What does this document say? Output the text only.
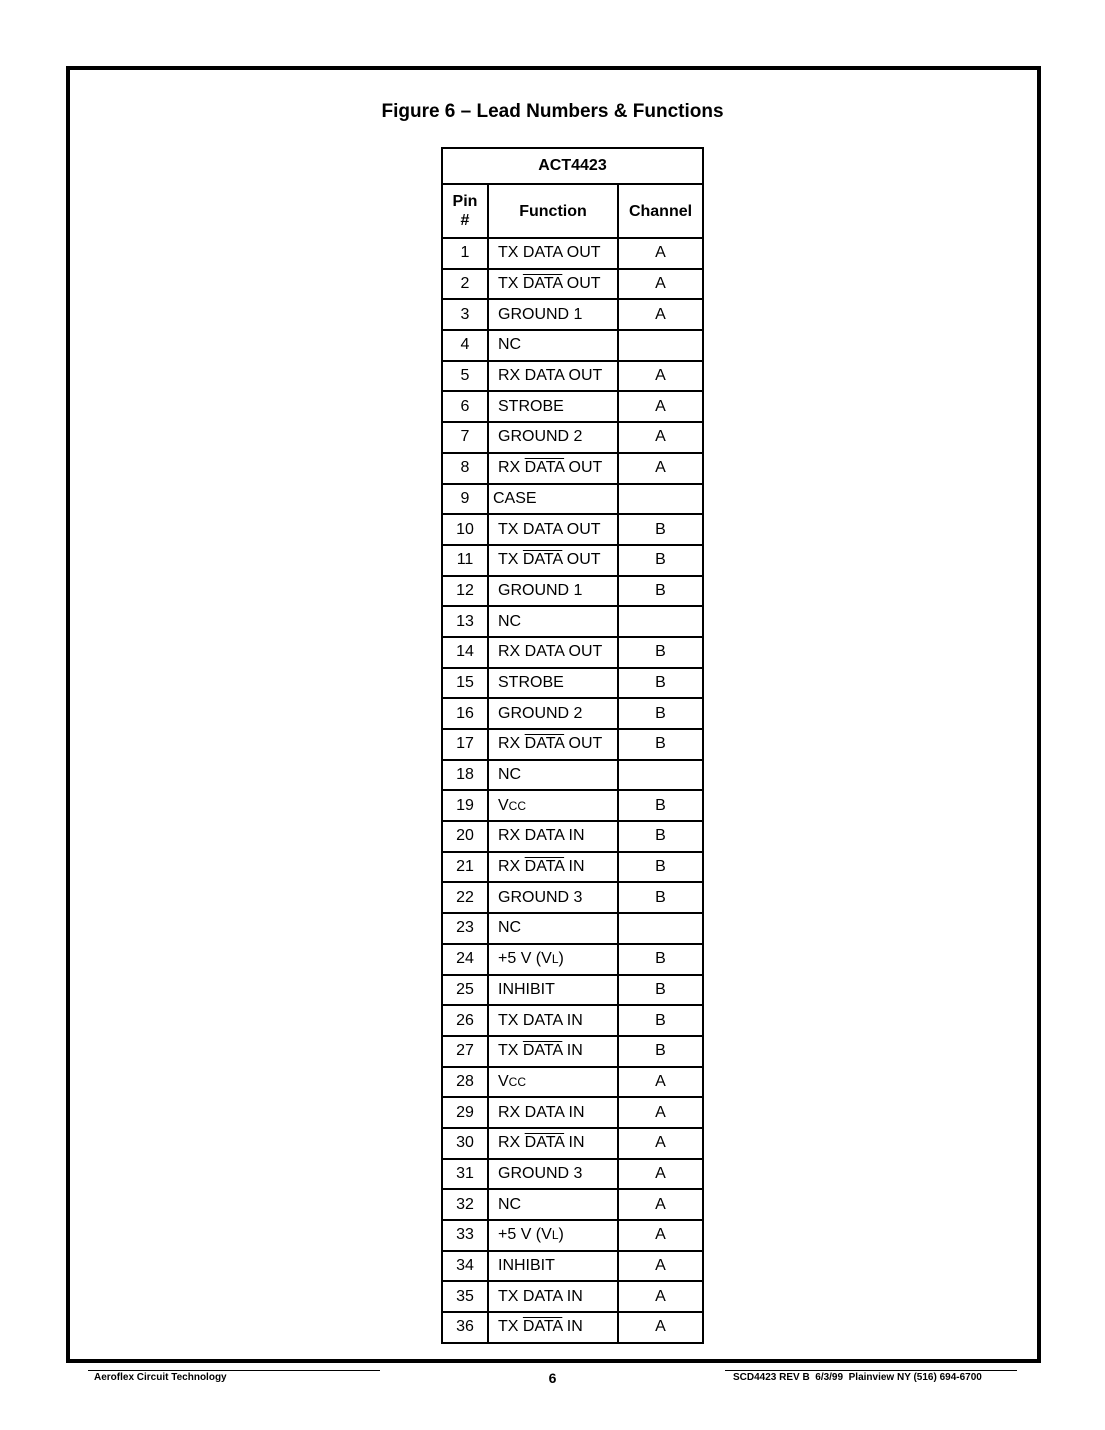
Figure 6 – Lead Numbers & Functions
ACT4423		
Pin #	Function	Channel
1	TX DATA OUT	A
2	TX DATA OUT	A
3	GROUND 1	A
4	NC	
5	RX DATA OUT	A
6	STROBE	A
7	GROUND 2	A
8	RX DATA OUT	A
9	CASE	
10	TX DATA OUT	B
11	TX DATA OUT	B
12	GROUND 1	B
13	NC	
14	RX DATA OUT	B
15	STROBE	B
16	GROUND 2	B
17	RX DATA OUT	B
18	NC	
19	VCC	B
20	RX DATA IN	B
21	RX DATA IN	B
22	GROUND 3	B
23	NC	
24	+5 V (VL)	B
25	INHIBIT	B
26	TX DATA IN	B
27	TX DATA IN	B
28	VCC	A
29	RX DATA IN	A
30	RX DATA IN	A
31	GROUND 3	A
32	NC	A
33	+5 V (VL)	A
34	INHIBIT	A
35	TX DATA IN	A
36	TX DATA IN	A
Aeroflex Circuit Technology	6	SCD4423 REV B  6/3/99  Plainview NY (516) 694-6700
